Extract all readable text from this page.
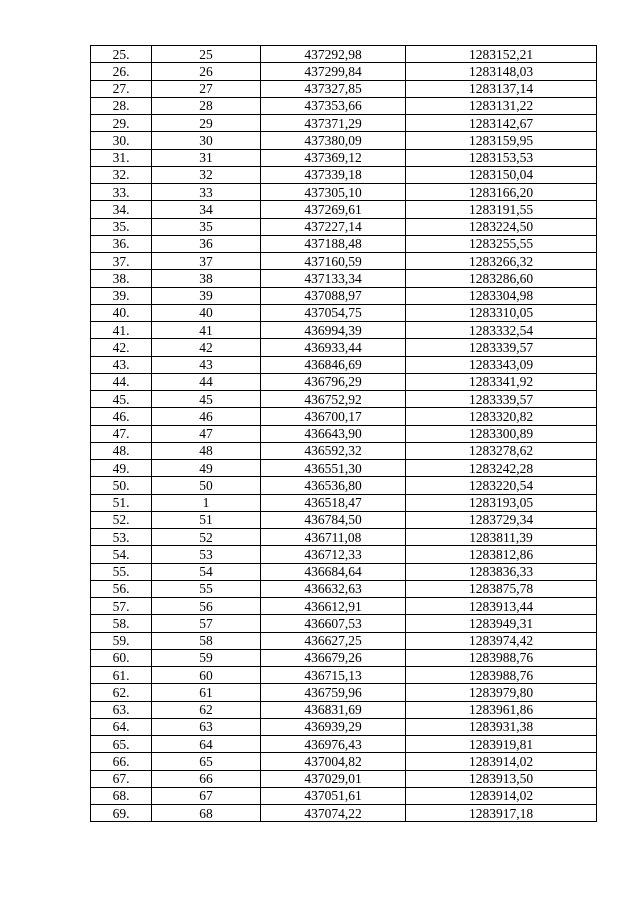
25.	25	437292,98	1283152,21
26.	26	437299,84	1283148,03
27.	27	437327,85	1283137,14
28.	28	437353,66	1283131,22
29.	29	437371,29	1283142,67
30.	30	437380,09	1283159,95
31.	31	437369,12	1283153,53
32.	32	437339,18	1283150,04
33.	33	437305,10	1283166,20
34.	34	437269,61	1283191,55
35.	35	437227,14	1283224,50
36.	36	437188,48	1283255,55
37.	37	437160,59	1283266,32
38.	38	437133,34	1283286,60
39.	39	437088,97	1283304,98
40.	40	437054,75	1283310,05
41.	41	436994,39	1283332,54
42.	42	436933,44	1283339,57
43.	43	436846,69	1283343,09
44.	44	436796,29	1283341,92
45.	45	436752,92	1283339,57
46.	46	436700,17	1283320,82
47.	47	436643,90	1283300,89
48.	48	436592,32	1283278,62
49.	49	436551,30	1283242,28
50.	50	436536,80	1283220,54
51.	1	436518,47	1283193,05
52.	51	436784,50	1283729,34
53.	52	436711,08	1283811,39
54.	53	436712,33	1283812,86
55.	54	436684,64	1283836,33
56.	55	436632,63	1283875,78
57.	56	436612,91	1283913,44
58.	57	436607,53	1283949,31
59.	58	436627,25	1283974,42
60.	59	436679,26	1283988,76
61.	60	436715,13	1283988,76
62.	61	436759,96	1283979,80
63.	62	436831,69	1283961,86
64.	63	436939,29	1283931,38
65.	64	436976,43	1283919,81
66.	65	437004,82	1283914,02
67.	66	437029,01	1283913,50
68.	67	437051,61	1283914,02
69.	68	437074,22	1283917,18
